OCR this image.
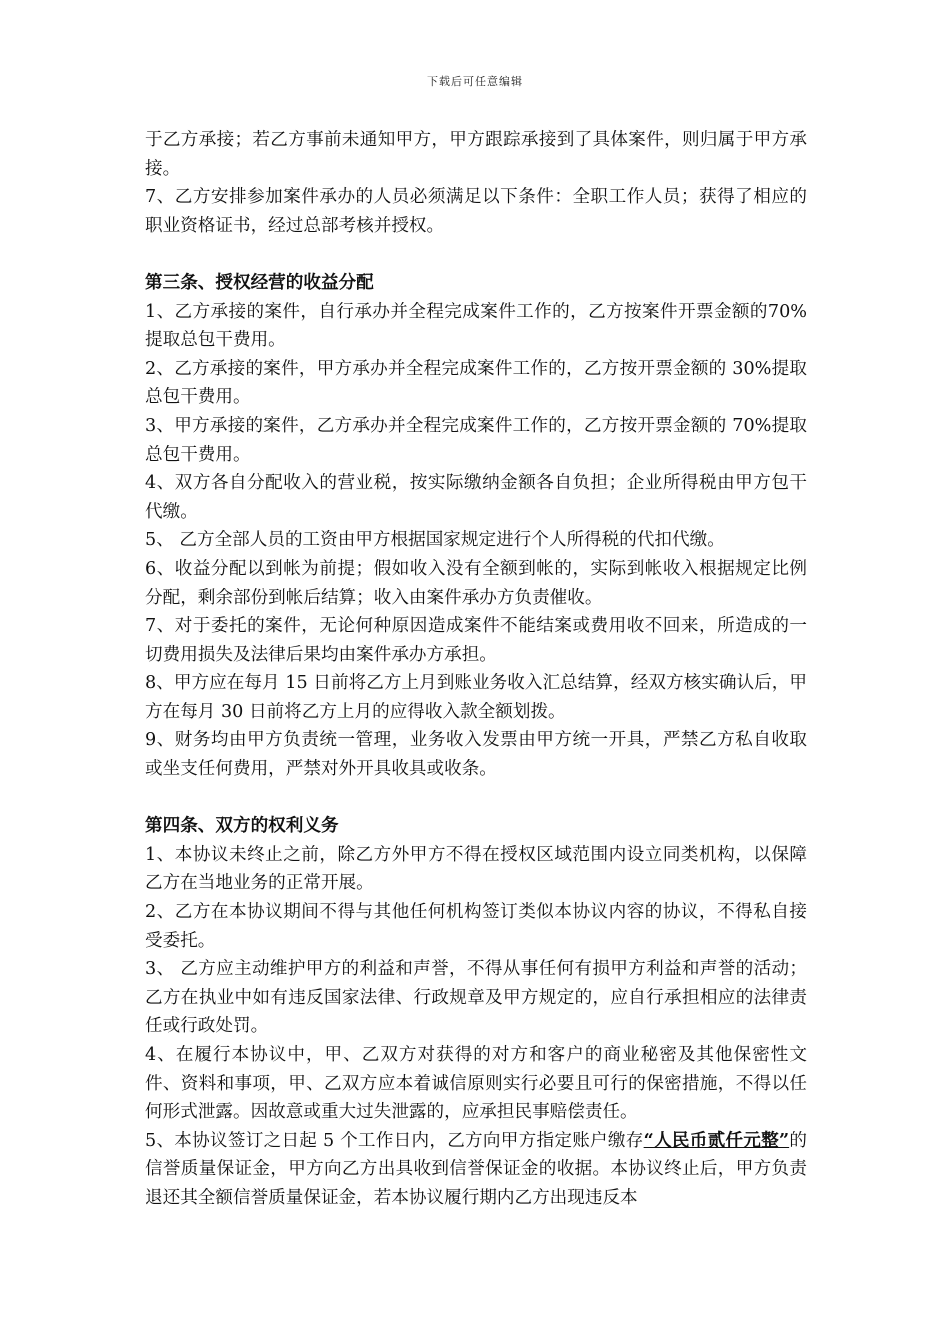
下载后可任意编辑

于乙方承接；若乙方事前未通知甲方，甲方跟踪承接到了具体案件，则归属于甲方承接。

7、乙方安排参加案件承办的人员必须满足以下条件：全职工作人员；获得了相应的职业资格证书，经过总部考核并授权。

第三条、授权经营的收益分配

1、乙方承接的案件，自行承办并全程完成案件工作的，乙方按案件开票金额的70%提取总包干费用。

2、乙方承接的案件，甲方承办并全程完成案件工作的，乙方按开票金额的 30%提取总包干费用。

3、甲方承接的案件，乙方承办并全程完成案件工作的，乙方按开票金额的 70%提取总包干费用。

4、双方各自分配收入的营业税，按实际缴纳金额各自负担；企业所得税由甲方包干代缴。

5、 乙方全部人员的工资由甲方根据国家规定进行个人所得税的代扣代缴。

6、收益分配以到帐为前提；假如收入没有全额到帐的，实际到帐收入根据规定比例分配，剩余部份到帐后结算；收入由案件承办方负责催收。

7、对于委托的案件，无论何种原因造成案件不能结案或费用收不回来，所造成的一切费用损失及法律后果均由案件承办方承担。

8、甲方应在每月 15 日前将乙方上月到账业务收入汇总结算，经双方核实确认后，甲方在每月 30 日前将乙方上月的应得收入款全额划拨。

9、财务均由甲方负责统一管理，业务收入发票由甲方统一开具，严禁乙方私自收取或坐支任何费用，严禁对外开具收具或收条。

第四条、双方的权利义务

1、本协议未终止之前，除乙方外甲方不得在授权区域范围内设立同类机构，以保障乙方在当地业务的正常开展。

2、乙方在本协议期间不得与其他任何机构签订类似本协议内容的协议，不得私自接受委托。

3、 乙方应主动维护甲方的利益和声誉，不得从事任何有损甲方利益和声誉的活动；乙方在执业中如有违反国家法律、行政规章及甲方规定的，应自行承担相应的法律责任或行政处罚。

4、在履行本协议中，甲、乙双方对获得的对方和客户的商业秘密及其他保密性文件、资料和事项，甲、乙双方应本着诚信原则实行必要且可行的保密措施，不得以任何形式泄露。因故意或重大过失泄露的，应承担民事赔偿责任。

5、本协议签订之日起 5 个工作日内，乙方向甲方指定账户缴存“人民币贰仟元整”的信誉质量保证金，甲方向乙方出具收到信誉保证金的收据。本协议终止后，甲方负责退还其全额信誉质量保证金，若本协议履行期内乙方出现违反本
